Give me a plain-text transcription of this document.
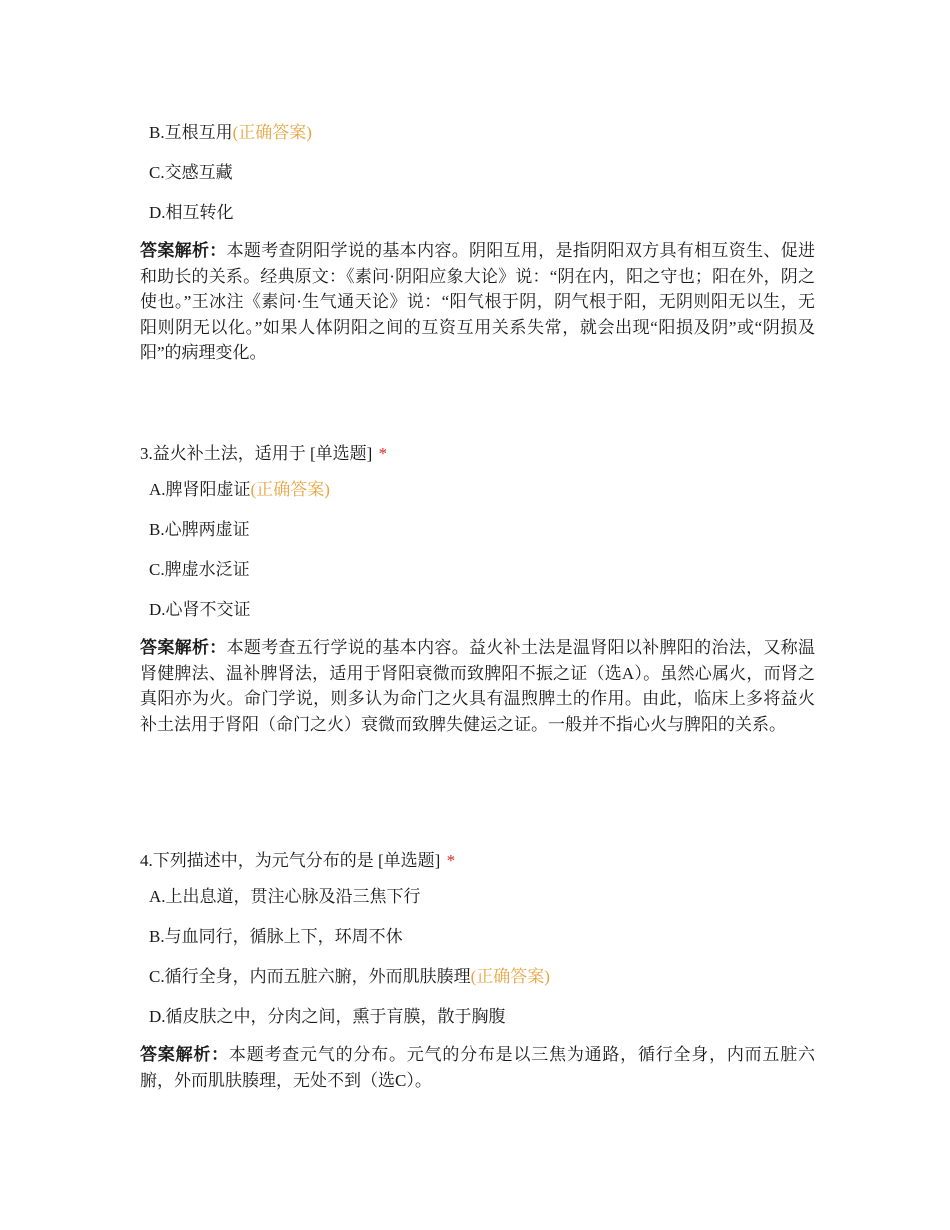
B.互根互用(正确答案)
C.交感互藏
D.相互转化
答案解析：本题考查阴阳学说的基本内容。阴阳互用，是指阴阳双方具有相互资生、促进和助长的关系。经典原文：《素问·阴阳应象大论》说：“阴在内，阳之守也；阳在外，阴之使也。”王冰注《素问·生气通天论》说：“阳气根于阴，阴气根于阳，无阴则阳无以生，无阳则阴无以化。”如果人体阴阳之间的互资互用关系失常，就会出现“阳损及阴”或“阴损及阳”的病理变化。
3.益火补土法，适用于 [单选题] *
A.脾肾阳虚证(正确答案)
B.心脾两虚证
C.脾虚水泛证
D.心肾不交证
答案解析：本题考查五行学说的基本内容。益火补土法是温肾阳以补脾阳的治法，又称温肾健脾法、温补脾肾法，适用于肾阳衰微而致脾阳不振之证（选A）。虽然心属火，而肾之真阳亦为火。命门学说，则多认为命门之火具有温煦脾土的作用。由此，临床上多将益火补土法用于肾阳（命门之火）衰微而致脾失健运之证。一般并不指心火与脾阳的关系。
4.下列描述中，为元气分布的是 [单选题] *
A.上出息道，贯注心脉及沿三焦下行
B.与血同行，循脉上下，环周不休
C.循行全身，内而五脏六腑，外而肌肤腠理(正确答案)
D.循皮肤之中，分肉之间，熏于肓膜，散于胸腹
答案解析：本题考查元气的分布。元气的分布是以三焦为通路，循行全身，内而五脏六腑，外而肌肤腠理，无处不到（选C）。
